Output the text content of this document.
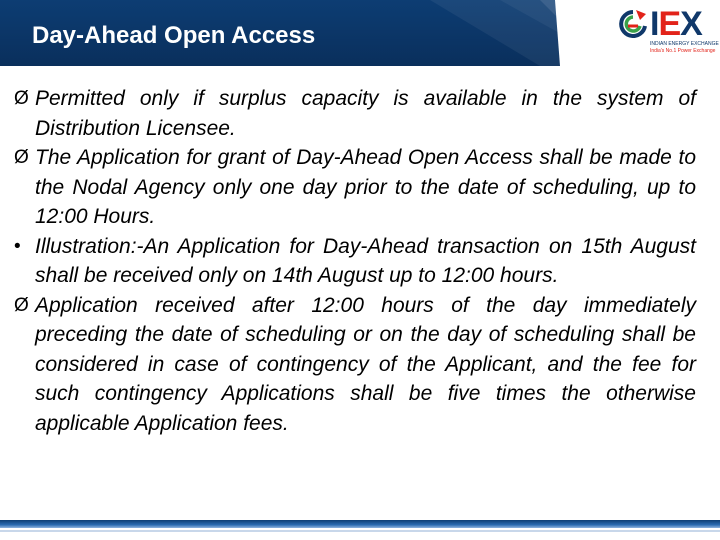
Day-Ahead Open Access	IEX
INDIAN ENERGY EXCHANGE
India's No.1 Power Exchange

Ø Permitted only if surplus capacity is available in the system of Distribution Licensee.

Ø The Application for grant of Day-Ahead Open Access shall be made to the Nodal Agency only one day prior to the date of scheduling, up to 12:00 Hours.

• Illustration:-An Application for Day-Ahead transaction on 15th August shall be received only on 14th August up to 12:00 hours.

Ø Application received after 12:00 hours of the day immediately preceding the date of scheduling or on the day of scheduling shall be considered in case of contingency of the Applicant, and the fee for such contingency Applications shall be five times the otherwise applicable Application fees.
